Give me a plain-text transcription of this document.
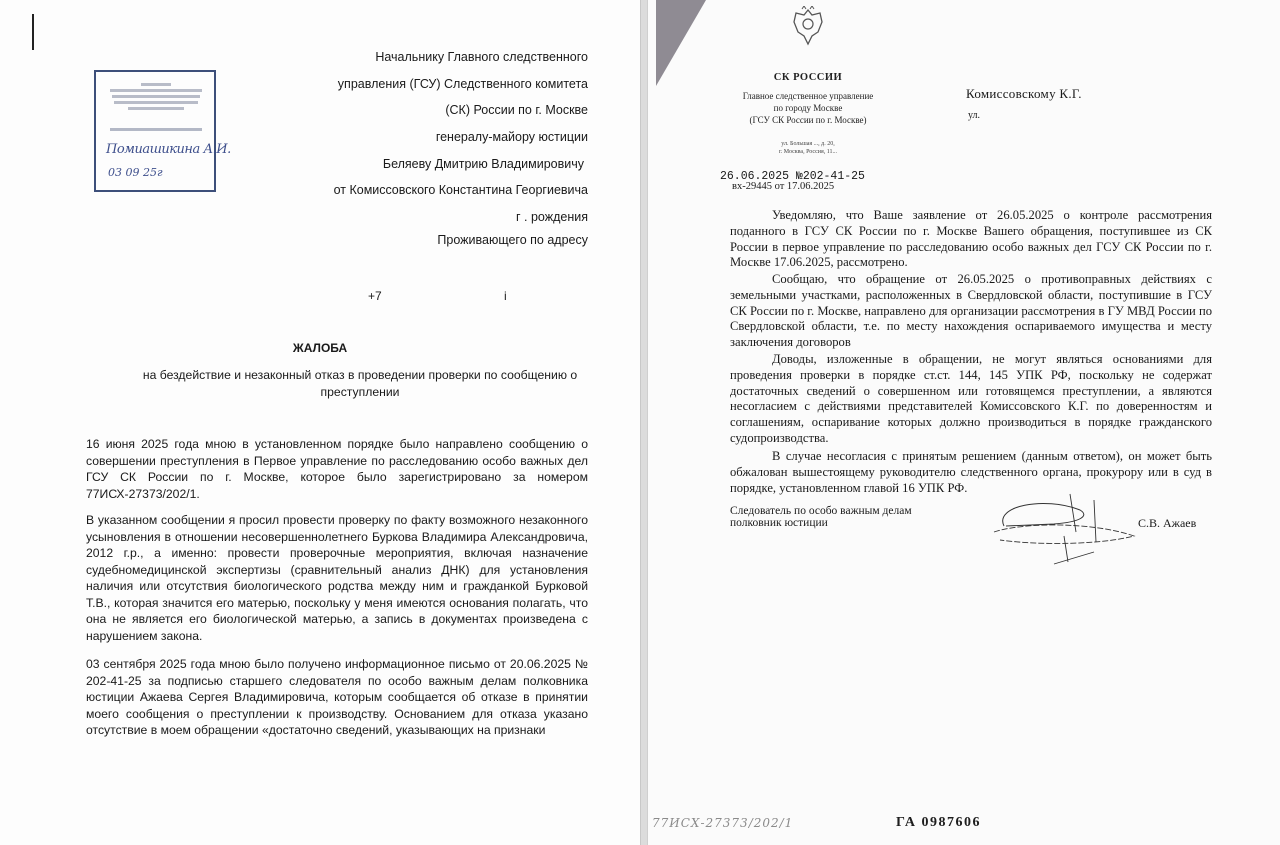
Помиашикина А.И.
03 09 25г
Начальнику Главного следственного
управления (ГСУ) Следственного комитета
(СК) России по г. Москве
генералу-майору юстиции
Беляеву Дмитрию Владимировичу
от Комисcовского Константина Георгиевича
г . рождения
Проживающего по адресу
+7	i
ЖАЛОБА
на бездействие и незаконный отказ в проведении проверки по сообщению о преступлении
16 июня 2025 года мною в установленном порядке было направлено сообщению о совершении преступления в Первое управление по расследованию особо важных дел ГСУ СК России по г. Москве, которое было зарегистрировано за номером 77ИСХ-27373/202/1.
В указанном сообщении я просил провести проверку по факту возможного незаконного усыновления в отношении несовершеннолетнего Буркова Владимира Александровича, 2012 г.р., а именно: провести проверочные мероприятия, включая назначение судебномедицинской экспертизы (сравнительный анализ ДНК) для установления наличия или отсутствия биологического родства между ним и гражданкой Бурковой Т.В., которая значится его матерью, поскольку у меня имеются основания полагать, что она не является его биологической матерью, а запись в документах произведена с нарушением закона.
03 сентября 2025 года мною было получено информационное письмо от 20.06.2025 № 202-41-25 за подписью старшего следователя по особо важным делам полковника юстиции Ажаева Сергея Владимировича, которым сообщается об отказе в принятии моего сообщения о преступлении к производству. Основанием для отказа указано отсутствие в моем обращении «достаточно сведений, указывающих на признаки
СК РОССИИ
Главное следственное управление
по городу Москве
(ГСУ СК России по г. Москве)
ул. Большая ..., д. 20,
г. Москва, Россия, 11...
Комиссовскому К.Г.
ул.
26.06.2025 №202-41-25
вх-29445 от 17.06.2025
Уведомляю, что Ваше заявление от 26.05.2025 о контроле рассмотрения поданного в ГСУ СК России по г. Москве Вашего обращения, поступившее из СК России в первое управление по расследованию особо важных дел ГСУ СК России по г. Москве 17.06.2025, рассмотрено.
Сообщаю, что обращение от 26.05.2025 о противоправных действиях с земельными участками, расположенных в Свердловской области, поступившие в ГСУ СК России по г. Москве, направлено для организации рассмотрения в ГУ МВД России по Свердловской области, т.е. по месту нахождения оспариваемого имущества и месту заключения договоров
Доводы, изложенные в обращении, не могут являться основаниями для проведения проверки в порядке ст.ст. 144, 145 УПК РФ, поскольку не содержат достаточных сведений о совершенном или готовящемся преступлении, а являются несогласием с действиями представителей Комиссовского К.Г. по доверенностям и соглашениям, оспаривание которых должно производиться в порядке гражданского судопроизводства.
В случае несогласия с принятым решением (данным ответом), он может быть обжалован вышестоящему руководителю следственного органа, прокурору или в суд в порядке, установленном главой 16 УПК РФ.
Следователь по особо важным делам
полковник юстиции	С.В. Ажаев
77ИСХ-27373/202/1	ГА 0987606
